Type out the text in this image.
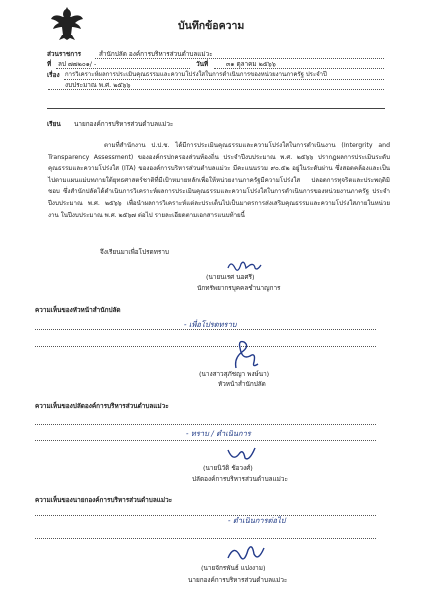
บันทึกข้อความ
ส่วนราชการ	สำนักปลัด องค์การบริหารส่วนตำบลแม่วะ
ที่ ลป ๗๗๒๐๑/ -	วันที่	๓๑ ตุลาคม ๒๕๖๖
เรื่อง การวิเคราะห์ผลการประเมินคุณธรรมและความโปร่งใสในการดำเนินการของหน่วยงานภาครัฐ ประจำปี
งบประมาณ พ.ศ. ๒๕๖๖
เรียน นายกองค์การบริหารส่วนตำบลแม่วะ
ตามที่สำนักงาน ป.ป.ช. ได้มีการประเมินคุณธรรมและความโปร่งใสในการดำเนินงาน (Intergrity and Transparency Assessment) ขององค์กรปกครองส่วนท้องถิ่น ประจำปีงบประมาณ พ.ศ. ๒๕๖๖ ปรากฏผลการประเมินระดับคุณธรรมและความโปร่งใส (ITA) ขององค์การบริหารส่วนตำบลแม่วะ มีคะแนนรวม ๙๐.๕๒ อยู่ในระดับผ่าน ซึ่งสอดคล้องและเป็นไปตามแผนแม่บทภายใต้ยุทธศาสตร์ชาติที่มีเป้าหมายหลักเพื่อให้หน่วยงานภาครัฐมีความโปร่งใส ปลอดการทุจริตและประพฤติมิชอบ ซึ่งสำนักปลัดได้ดำเนินการวิเคราะห์ผลการประเมินคุณธรรมและความโปร่งใสในการดำเนินการของหน่วยงานภาครัฐ ประจำปีงบประมาณ พ.ศ. ๒๕๖๖ เพื่อนำผลการวิเคราะห์แต่ละประเด็นไปเป็นมาตรการส่งเสริมคุณธรรมและความโปร่งใสภายในหน่วยงาน ในปีงบประมาณ พ.ศ. ๒๕๖๗ ต่อไป รายละเอียดตามเอกสารแนบท้ายนี้
จึงเรียนมาเพื่อโปรดทราบ
(นายนเรศ นอศรี)
นักทรัพยากรบุคคลชำนาญการ
ความเห็นของหัวหน้าสำนักปลัด
- เพื่อโปรดทราบ
(นางสาวสุภัชญา พงษ์นา)
หัวหน้าสำนักปลัด
ความเห็นของปลัดองค์การบริหารส่วนตำบลแม่วะ
- ทราบ / ดำเนินการ
(นายนิวัติ ช้อวงศ์)
ปลัดองค์การบริหารส่วนตำบลแม่วะ
ความเห็นของนายกองค์การบริหารส่วนตำบลแม่วะ
- ดำเนินการต่อไป
(นายจักรพันธ์ แปงงาม)
นายกองค์การบริหารส่วนตำบลแม่วะ
